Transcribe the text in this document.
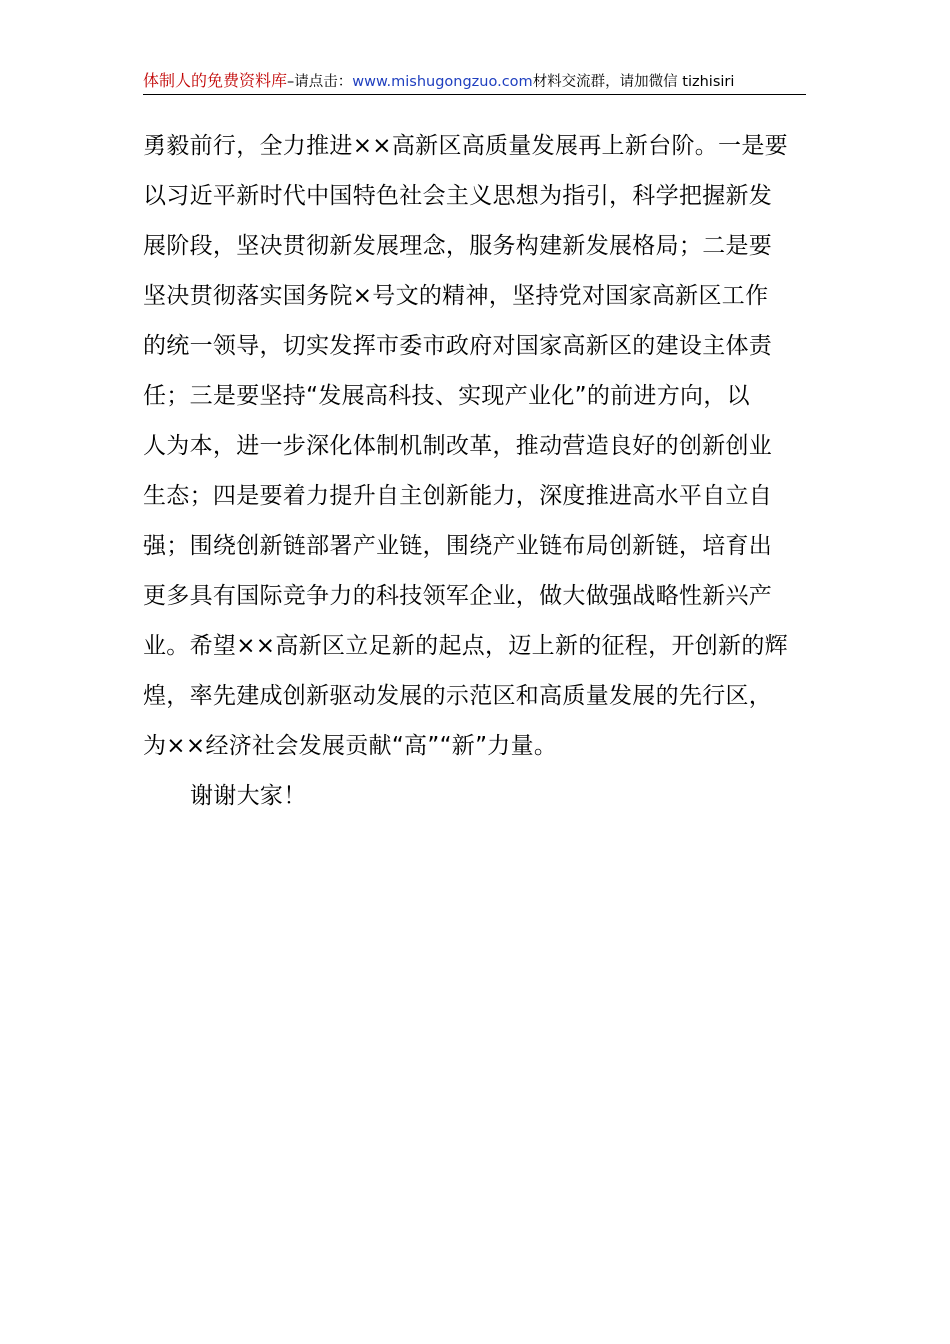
体制人的免费资料库–请点击：www.mishugongzuo.com材料交流群，请加微信 tizhisiri
勇毅前行，全力推进××高新区高质量发展再上新台阶。一是要
以习近平新时代中国特色社会主义思想为指引，科学把握新发
展阶段，坚决贯彻新发展理念，服务构建新发展格局；二是要
坚决贯彻落实国务院×号文的精神，坚持党对国家高新区工作
的统一领导，切实发挥市委市政府对国家高新区的建设主体责
任；三是要坚持“发展高科技、实现产业化”的前进方向，以
人为本，进一步深化体制机制改革，推动营造良好的创新创业
生态；四是要着力提升自主创新能力，深度推进高水平自立自
强；围绕创新链部署产业链，围绕产业链布局创新链，培育出
更多具有国际竞争力的科技领军企业，做大做强战略性新兴产
业。希望××高新区立足新的起点，迈上新的征程，开创新的辉
煌，率先建成创新驱动发展的示范区和高质量发展的先行区，
为××经济社会发展贡献“高”“新”力量。
谢谢大家！
